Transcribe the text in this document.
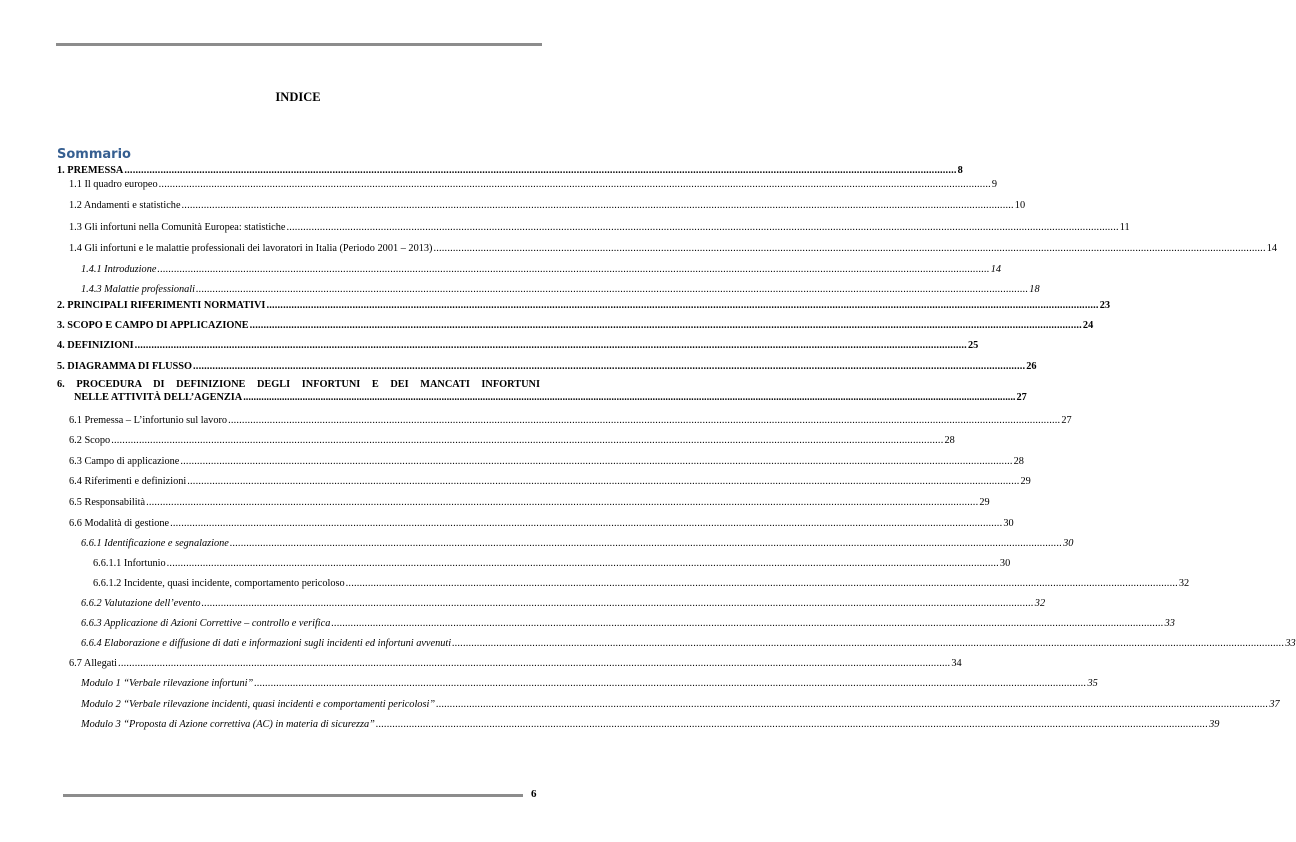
INDICE
Sommario
1. PREMESSA ............................................................................................................................................................................................................................................................................................................ 8
1.1 Il quadro europeo ............................................................................................................................................................................................................................................................................................................ 9
1.2 Andamenti e statistiche ............................................................................................................................................................................................................................................................................................................ 10
1.3 Gli infortuni nella Comunità Europea: statistiche ............................................................................................................................................................................................................................................................................................................ 11
1.4 Gli infortuni e le malattie professionali dei lavoratori in Italia (Periodo 2001 – 2013) ............................................................................................................................................................................................................................................................................................................ 14
1.4.1 Introduzione ............................................................................................................................................................................................................................................................................................................ 14
1.4.3 Malattie professionali ............................................................................................................................................................................................................................................................................................................ 18
2. PRINCIPALI RIFERIMENTI NORMATIVI ............................................................................................................................................................................................................................................................................................................ 23
3. SCOPO E CAMPO DI APPLICAZIONE ............................................................................................................................................................................................................................................................................................................ 24
4. DEFINIZIONI ............................................................................................................................................................................................................................................................................................................ 25
5. DIAGRAMMA DI FLUSSO ............................................................................................................................................................................................................................................................................................................ 26
6. PROCEDURA DI DEFINIZIONE DEGLI INFORTUNI E DEI MANCATI INFORTUNI
NELLE ATTIVITÀ DELL’AGENZIA ............................................................................................................................................................................................................................................................................................................ 27
6.1 Premessa – L’infortunio sul lavoro ............................................................................................................................................................................................................................................................................................................ 27
6.2 Scopo ............................................................................................................................................................................................................................................................................................................ 28
6.3 Campo di applicazione ............................................................................................................................................................................................................................................................................................................ 28
6.4 Riferimenti e definizioni ............................................................................................................................................................................................................................................................................................................ 29
6.5 Responsabilità ............................................................................................................................................................................................................................................................................................................ 29
6.6 Modalità di gestione ............................................................................................................................................................................................................................................................................................................ 30
6.6.1 Identificazione e segnalazione ............................................................................................................................................................................................................................................................................................................ 30
6.6.1.1 Infortunio ............................................................................................................................................................................................................................................................................................................ 30
6.6.1.2 Incidente, quasi incidente, comportamento pericoloso ............................................................................................................................................................................................................................................................................................................ 32
6.6.2 Valutazione dell’evento ............................................................................................................................................................................................................................................................................................................ 32
6.6.3 Applicazione di Azioni Correttive – controllo e verifica ............................................................................................................................................................................................................................................................................................................ 33
6.6.4 Elaborazione e diffusione di dati e informazioni sugli incidenti ed infortuni avvenuti ............................................................................................................................................................................................................................................................................................................ 33
6.7 Allegati ............................................................................................................................................................................................................................................................................................................ 34
Modulo 1 “Verbale rilevazione infortuni” ............................................................................................................................................................................................................................................................................................................ 35
Modulo 2 “Verbale rilevazione incidenti, quasi incidenti e comportamenti pericolosi” ............................................................................................................................................................................................................................................................................................................ 37
Modulo 3 “Proposta di Azione correttiva (AC) in materia di sicurezza” ............................................................................................................................................................................................................................................................................................................ 39
6
